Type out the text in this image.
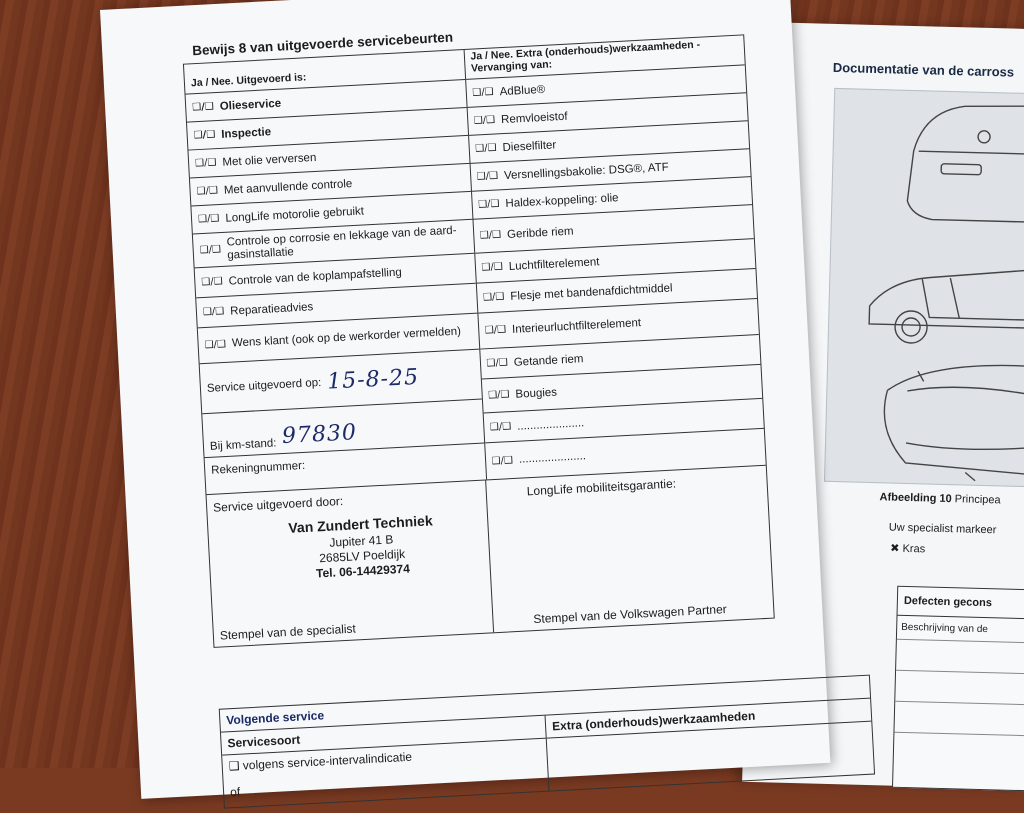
Documentatie van de carross
Afbeelding 10 Principea
Uw specialist markeer
✖ Kras
Defecten gecons
Beschrijving van de
Bewijs 8 van uitgevoerde servicebeurten
Ja / Nee. Uitgevoerd is:
❑/❑ Olieservice
❑/❑ Inspectie
❑/❑ Met olie verversen
❑/❑ Met aanvullende controle
❑/❑ LongLife motorolie gebruikt
❑/❑
Controle op corrosie en lekkage van de aard-gasinstallatie
❑/❑ Controle van de koplampafstelling
❑/❑ Reparatieadvies
❑/❑ Wens klant (ook op de werkorder vermelden)
Service uitgevoerd op: 15-8-25
Bij km-stand: 97830
Rekeningnummer:
Ja / Nee. Extra (onderhouds)werkzaamheden - Vervanging van:
❑/❑ AdBlue®
❑/❑ Remvloeistof
❑/❑ Dieselfilter
❑/❑ Versnellingsbakolie: DSG®, ATF
❑/❑ Haldex-koppeling: olie
❑/❑ Geribde riem
❑/❑ Luchtfilterelement
❑/❑ Flesje met bandenafdichtmiddel
❑/❑ Interieurluchtfilterelement
❑/❑ Getande riem
❑/❑ Bougies
❑/❑ .....................
❑/❑ .....................
Service uitgevoerd door:
Van Zundert Techniek
Jupiter 41 B
2685LV Poeldijk
Tel. 06-14429374
Stempel van de specialist
LongLife mobiliteitsgarantie:
Stempel van de Volkswagen Partner
Volgende service
Servicesoort
Extra (onderhouds)werkzaamheden
❑ volgens service-intervalindicatie
of
